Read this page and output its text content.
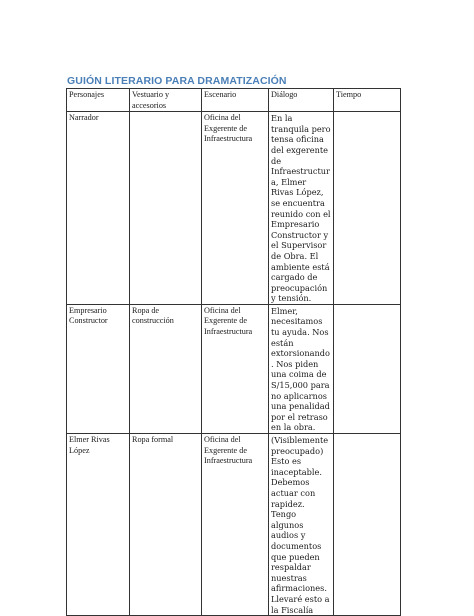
GUIÓN LITERARIO PARA DRAMATIZACIÓN
Personajes	Vestuario y accesorios	Escenario	Diálogo	Tiempo
Narrador		Oficina del Exgerente de Infraestructura	En la tranquila pero tensa oficina del exgerente de Infraestructura, Elmer Rivas López, se encuentra reunido con el Empresario Constructor y el Supervisor de Obra. El ambiente está cargado de preocupación y tensión.	
Empresario Constructor	Ropa de construcción	Oficina del Exgerente de Infraestructura	Elmer, necesitamos tu ayuda. Nos están extorsionando. Nos piden una coima de S/15,000 para no aplicarnos una penalidad por el retraso en la obra.	
Elmer Rivas López	Ropa formal	Oficina del Exgerente de Infraestructura	(Visiblemente preocupado) Esto es inaceptable. Debemos actuar con rapidez. Tengo algunos audios y documentos que pueden respaldar nuestras afirmaciones. Llevaré esto a la Fiscalía	
